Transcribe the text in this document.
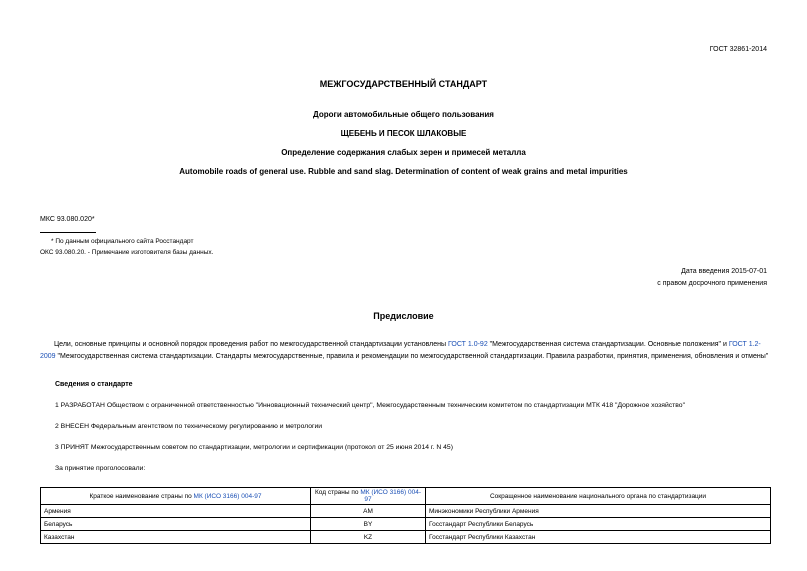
ГОСТ 32861-2014
МЕЖГОСУДАРСТВЕННЫЙ СТАНДАРТ
Дороги автомобильные общего пользования
ЩЕБЕНЬ И ПЕСОК ШЛАКОВЫЕ
Определение содержания слабых зерен и примесей металла
Automobile roads of general use. Rubble and sand slag. Determination of content of weak grains and metal impurities
МКС 93.080.020*
* По данным официального сайта Росстандарт
ОКС 93.080.20. - Примечание изготовителя базы данных.
Дата введения 2015-07-01
с правом досрочного применения
Предисловие
Цели, основные принципы и основной порядок проведения работ по межгосударственной стандартизации установлены ГОСТ 1.0-92 "Межгосударственная система стандартизации. Основные положения" и ГОСТ 1.2-2009 "Межгосударственная система стандартизации. Стандарты межгосударственные, правила и рекомендации по межгосударственной стандартизации. Правила разработки, принятия, применения, обновления и отмены"
Сведения о стандарте
1 РАЗРАБОТАН Обществом с ограниченной ответственностью "Инновационный технический центр", Межгосударственным техническим комитетом по стандартизации МТК 418 "Дорожное хозяйство"
2 ВНЕСЕН Федеральным агентством по техническому регулированию и метрологии
3 ПРИНЯТ Межгосударственным советом по стандартизации, метрологии и сертификации (протокол от 25 июня 2014 г. N 45)
За принятие проголосовали:
Краткое наименование страны по МК (ИСО 3166) 004-97	Код страны по МК (ИСО 3166) 004-97	Сокращенное наименование национального органа по стандартизации
Армения	AM	Минэкономики Республики Армения
Беларусь	BY	Госстандарт Республики Беларусь
Казахстан	KZ	Госстандарт Республики Казахстан
